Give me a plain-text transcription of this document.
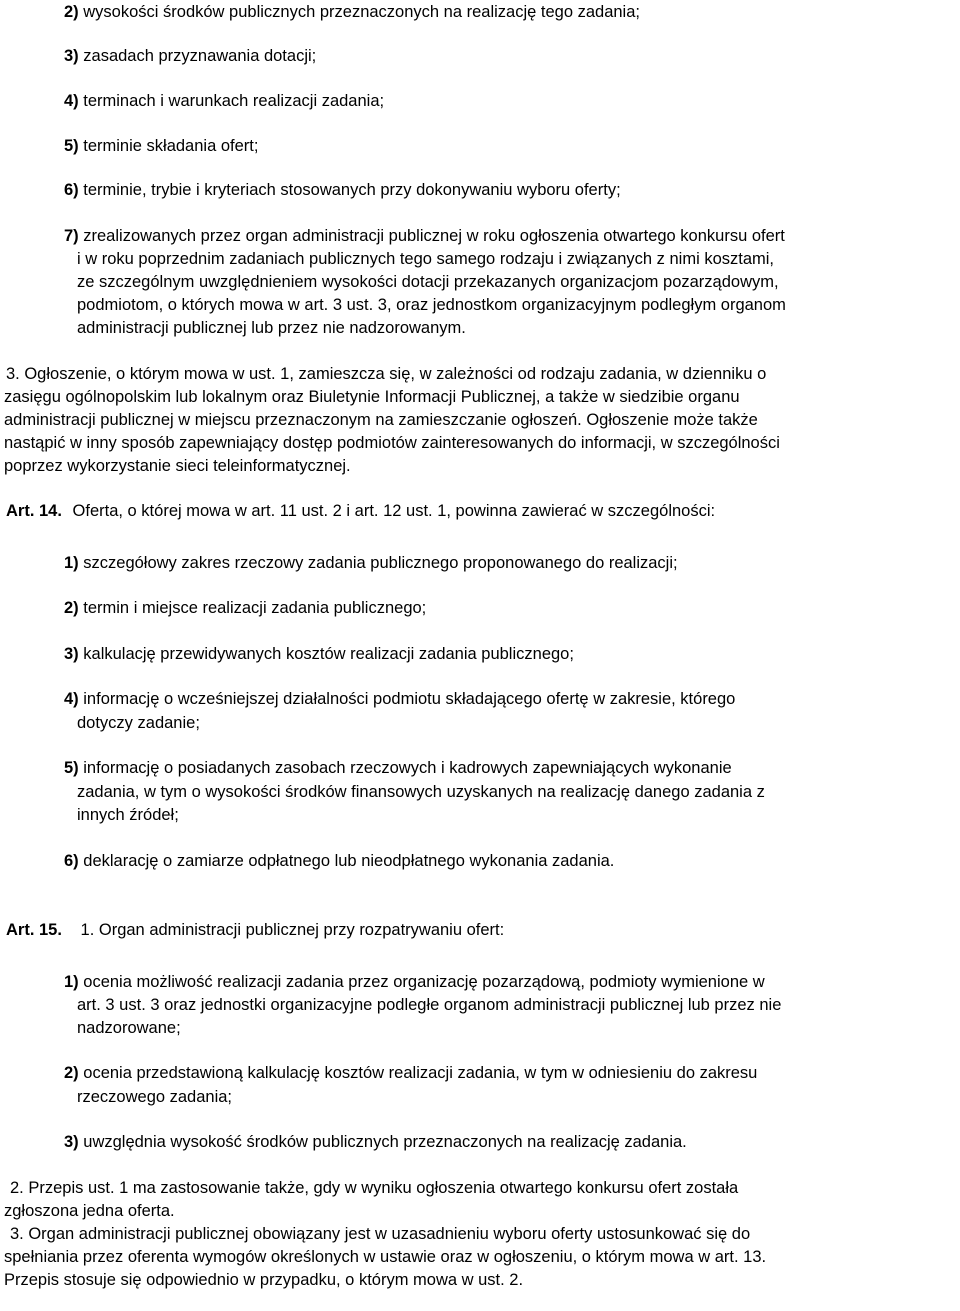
2) wysokości środków publicznych przeznaczonych na realizację tego zadania;
3) zasadach przyznawania dotacji;
4) terminach i warunkach realizacji zadania;
5) terminie składania ofert;
6) terminie, trybie i kryteriach stosowanych przy dokonywaniu wyboru oferty;
7) zrealizowanych przez organ administracji publicznej w roku ogłoszenia otwartego konkursu ofert
i w roku poprzednim zadaniach publicznych tego samego rodzaju i związanych z nimi kosztami,
ze szczególnym uwzględnieniem wysokości dotacji przekazanych organizacjom pozarządowym,
podmiotom, o których mowa w art. 3 ust. 3, oraz jednostkom organizacyjnym podległym organom
administracji publicznej lub przez nie nadzorowanym.
3. Ogłoszenie, o którym mowa w ust. 1, zamieszcza się, w zależności od rodzaju zadania, w dzienniku o
zasięgu ogólnopolskim lub lokalnym oraz Biuletynie Informacji Publicznej, a także w siedzibie organu
administracji publicznej w miejscu przeznaczonym na zamieszczanie ogłoszeń. Ogłoszenie może także
nastąpić w inny sposób zapewniający dostęp podmiotów zainteresowanych do informacji, w szczególności
poprzez wykorzystanie sieci teleinformatycznej.
Art. 14. Oferta, o której mowa w art. 11 ust. 2 i art. 12 ust. 1, powinna zawierać w szczególności:
1) szczegółowy zakres rzeczowy zadania publicznego proponowanego do realizacji;
2) termin i miejsce realizacji zadania publicznego;
3) kalkulację przewidywanych kosztów realizacji zadania publicznego;
4) informację o wcześniejszej działalności podmiotu składającego ofertę w zakresie, którego
dotyczy zadanie;
5) informację o posiadanych zasobach rzeczowych i kadrowych zapewniających wykonanie
zadania, w tym o wysokości środków finansowych uzyskanych na realizację danego zadania z
innych źródeł;
6) deklarację o zamiarze odpłatnego lub nieodpłatnego wykonania zadania.
Art. 15. 1. Organ administracji publicznej przy rozpatrywaniu ofert:
1) ocenia możliwość realizacji zadania przez organizację pozarządową, podmioty wymienione w
art. 3 ust. 3 oraz jednostki organizacyjne podległe organom administracji publicznej lub przez nie
nadzorowane;
2) ocenia przedstawioną kalkulację kosztów realizacji zadania, w tym w odniesieniu do zakresu
rzeczowego zadania;
3) uwzględnia wysokość środków publicznych przeznaczonych na realizację zadania.
2. Przepis ust. 1 ma zastosowanie także, gdy w wyniku ogłoszenia otwartego konkursu ofert została
zgłoszona jedna oferta.
3. Organ administracji publicznej obowiązany jest w uzasadnieniu wyboru oferty ustosunkować się do
spełniania przez oferenta wymogów określonych w ustawie oraz w ogłoszeniu, o którym mowa w art. 13.
Przepis stosuje się odpowiednio w przypadku, o którym mowa w ust. 2.
